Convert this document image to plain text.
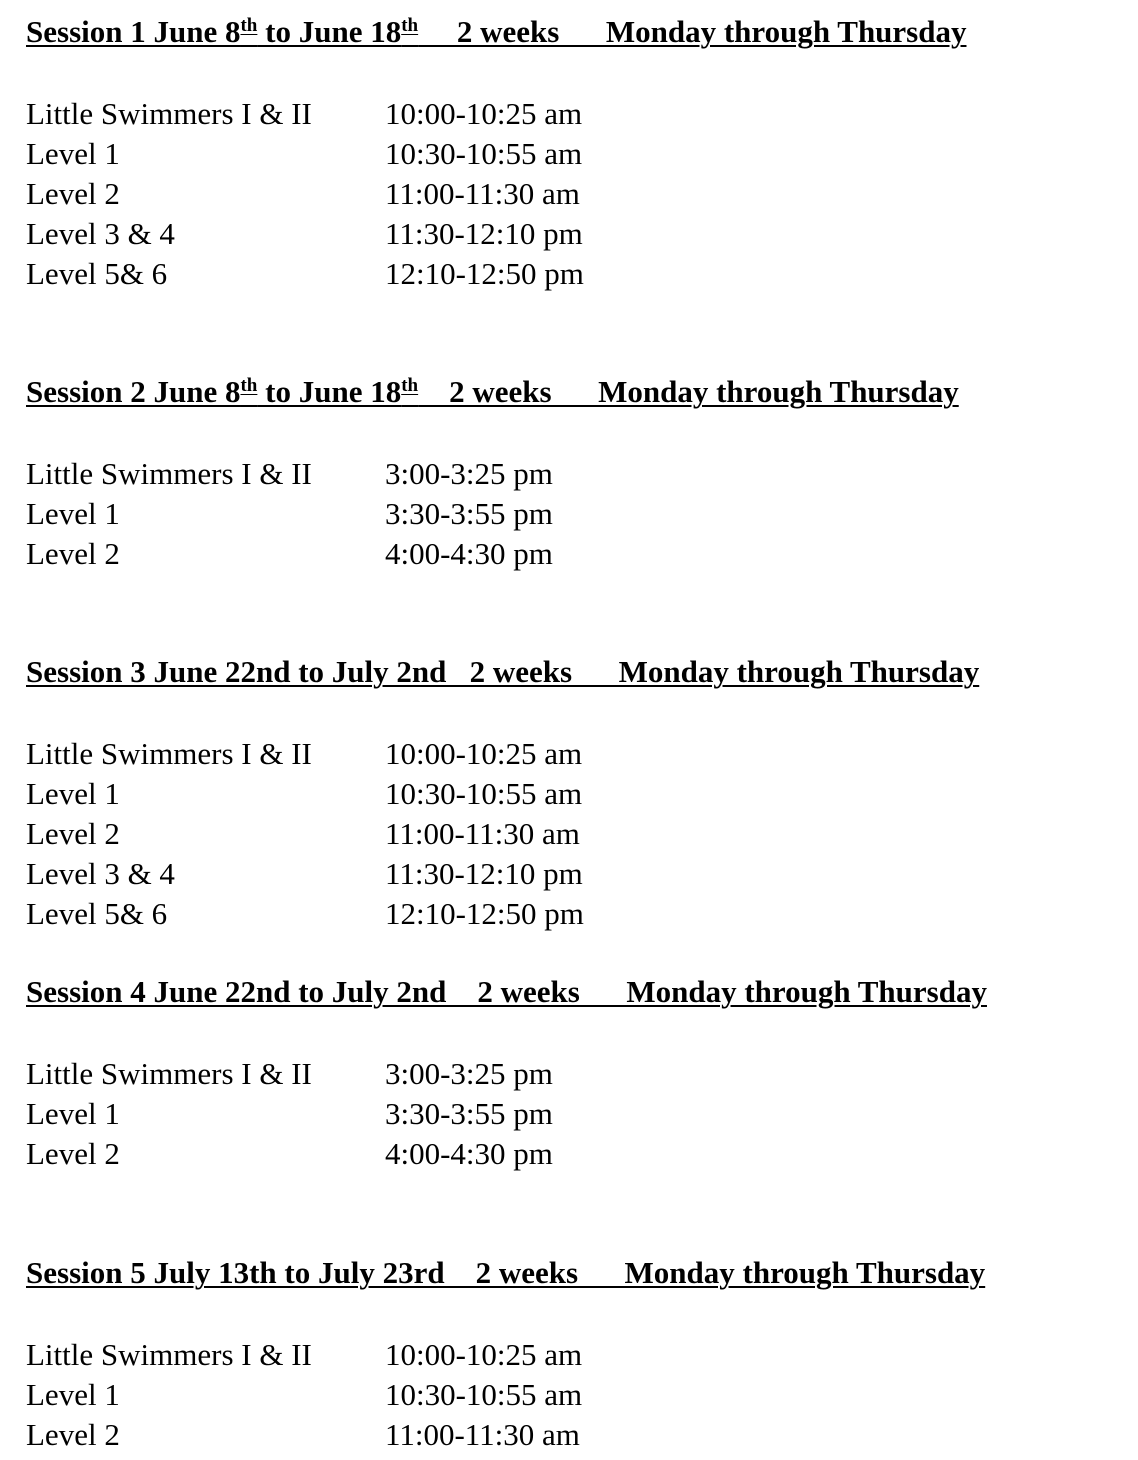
Session 1 June 8th to June 18th     2 weeks      Monday through Thursday
Little Swimmers I & II 10:00-10:25 am
Level 1	10:30-10:55 am
Level 2	11:00-11:30 am
Level 3 & 4	11:30-12:10 pm
Level 5& 6	12:10-12:50 pm
Session 2 June 8th to June 18th    2 weeks      Monday through Thursday
Little Swimmers I & II 3:00-3:25 pm
Level 1	3:30-3:55 pm
Level 2	4:00-4:30 pm
Session 3 June 22nd to July 2nd   2 weeks      Monday through Thursday
Little Swimmers I & II 10:00-10:25 am
Level 1	10:30-10:55 am
Level 2	11:00-11:30 am
Level 3 & 4	11:30-12:10 pm
Level 5& 6	12:10-12:50 pm
Session 4 June 22nd to July 2nd    2 weeks      Monday through Thursday
Little Swimmers I & II 3:00-3:25 pm
Level 1	3:30-3:55 pm
Level 2	4:00-4:30 pm
Session 5 July 13th to July 23rd    2 weeks      Monday through Thursday
Little Swimmers I & II 10:00-10:25 am
Level 1	10:30-10:55 am
Level 2	11:00-11:30 am
